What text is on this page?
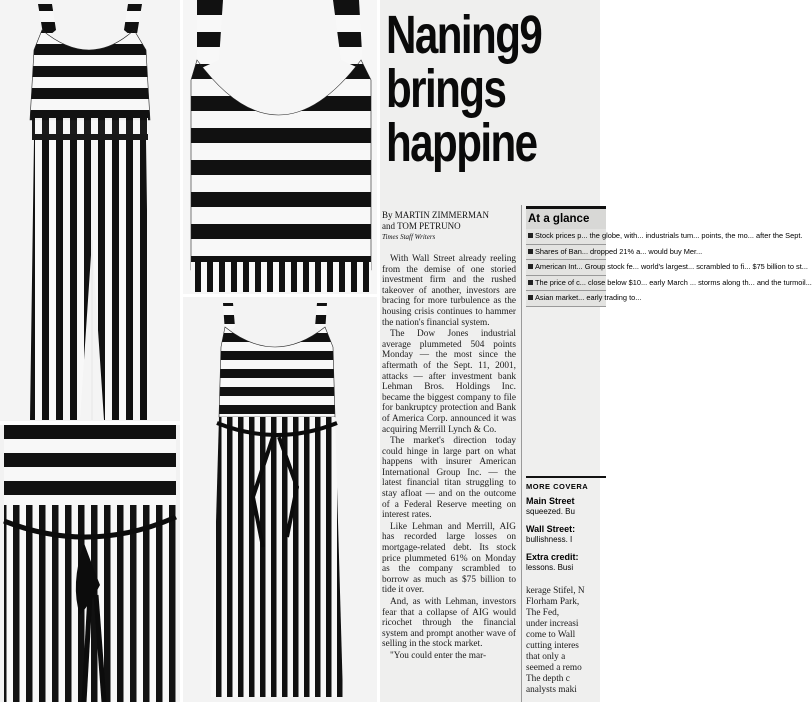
Naning9
brings
happine
By MARTIN ZIMMERMAN
and TOM PETRUNO
Times Staff Writers

With Wall Street already reeling from the demise of one storied investment firm and the rushed takeover of another, investors are bracing for more turbulence as the housing crisis continues to hammer the nation's financial system.

The Dow Jones industrial average plummeted 504 points Monday — the most since the aftermath of the Sept. 11, 2001, attacks — after investment bank Lehman Bros. Holdings Inc. became the biggest company to file for bankruptcy protection and Bank of America Corp. announced it was acquiring Merrill Lynch & Co.

The market's direction today could hinge in large part on what happens with insurer American International Group Inc. — the latest financial titan struggling to stay afloat — and on the outcome of a Federal Reserve meeting on interest rates.

Like Lehman and Merrill, AIG has recorded large losses on mortgage-related debt. Its stock price plummeted 61% on Monday as the company scrambled to borrow as much as $75 billion to tide it over.

And, as with Lehman, investors fear that a collapse of AIG would ricochet through the financial system and prompt another wave of selling in the stock market.

"You could enter the mar-

At a glance
Stock prices p... the globe, with... industrials tum... points, the mo... after the Sept.
Shares of Ban... dropped 21% a... would buy Mer...
American Int... Group stock fe... world's largest... scrambled to fi... $75 billion to st...
The price of c... close below $10... early March ... storms along th... and the turmoil...
Asian market... early trading to...
MORE COVERA
Main Street
squeezed. Bu
Wall Street:
bullishness. I
Extra credit:
lessons. Busi

kerage Stifel, N

Florham Park,

The Fed,

under increasi

come to Wall

cutting interes

that only a

seemed a remo

The depth c

analysts maki
